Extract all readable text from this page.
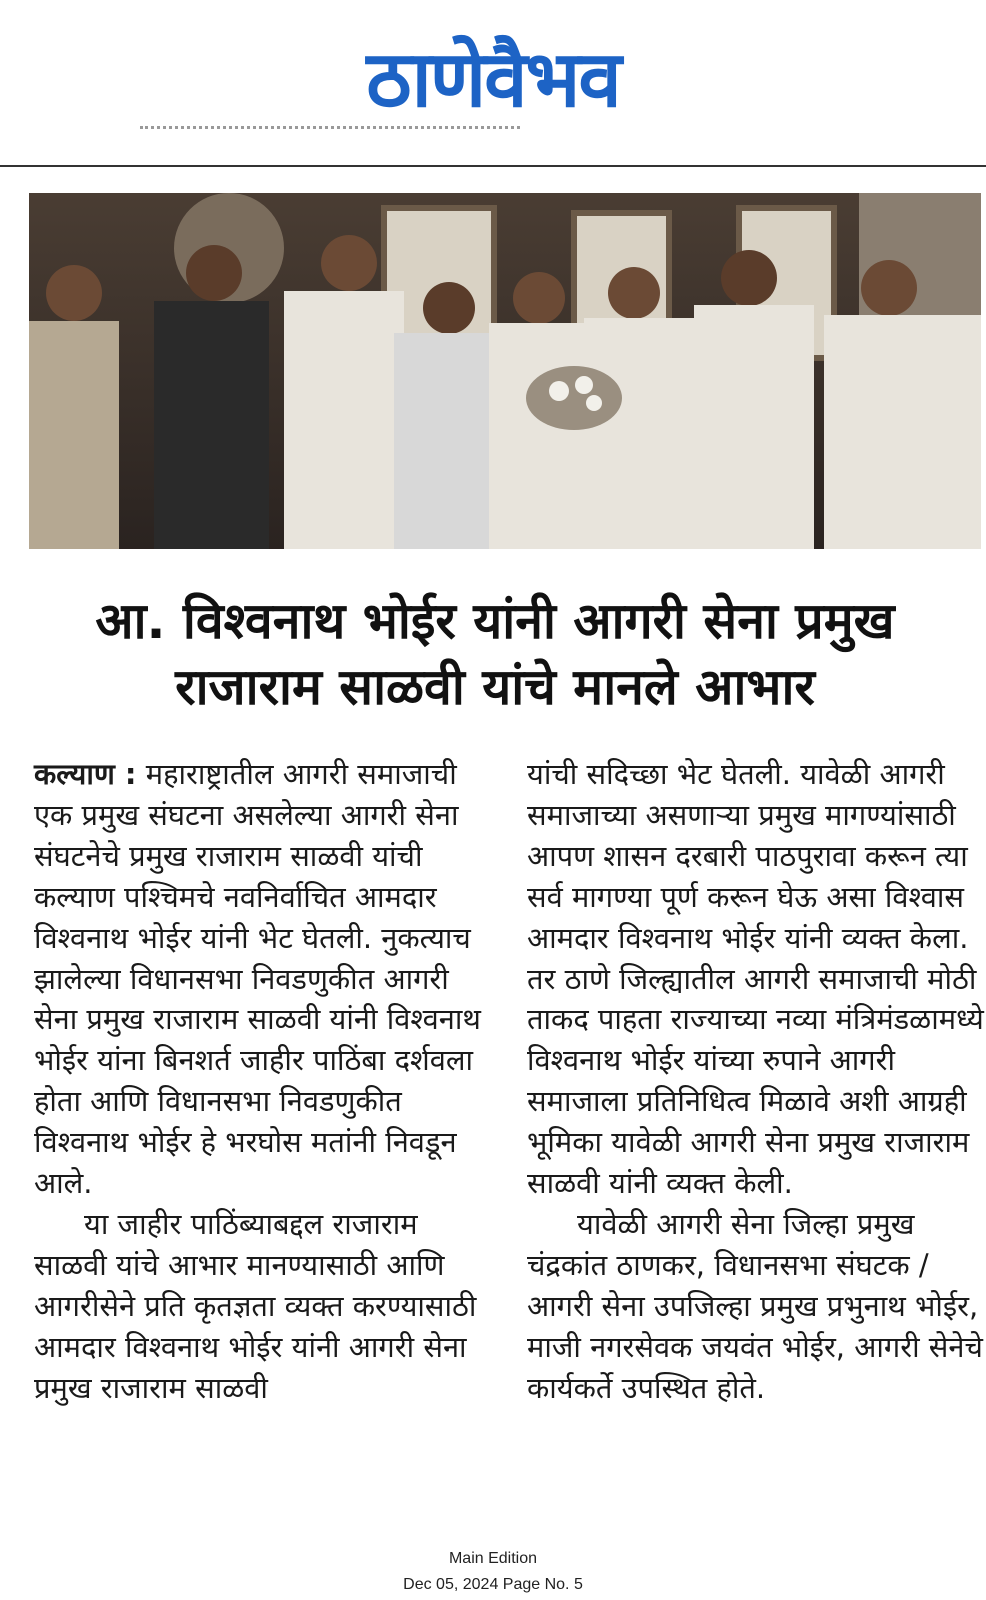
ठाणेवैभव
आ. विश्वनाथ भोईर यांनी आगरी सेना प्रमुख
राजाराम साळवी यांचे मानले आभार

कल्याण : महाराष्ट्रातील आगरी समाजाची एक प्रमुख संघटना असलेल्या आगरी सेना संघटनेचे प्रमुख राजाराम साळवी यांची कल्याण पश्चिमचे नवनिर्वाचित आमदार विश्वनाथ भोईर यांनी भेट घेतली. नुकत्याच झालेल्या विधानसभा निवडणुकीत आगरी सेना प्रमुख राजाराम साळवी यांनी विश्वनाथ भोईर यांना बिनशर्त जाहीर पाठिंबा दर्शवला होता आणि विधानसभा निवडणुकीत विश्वनाथ भोईर हे भरघोस मतांनी निवडून आले.

या जाहीर पाठिंब्याबद्दल राजाराम साळवी यांचे आभार मानण्यासाठी आणि आगरीसेने प्रति कृतज्ञता व्यक्त करण्यासाठी आमदार विश्वनाथ भोईर यांनी आगरी सेना प्रमुख राजाराम साळवी

यांची सदिच्छा भेट घेतली. यावेळी आगरी समाजाच्या असणाऱ्या प्रमुख मागण्यांसाठी आपण शासन दरबारी पाठपुरावा करून त्या सर्व मागण्या पूर्ण करून घेऊ असा विश्वास आमदार विश्वनाथ भोईर यांनी व्यक्त केला. तर ठाणे जिल्ह्यातील आगरी समाजाची मोठी ताकद पाहता राज्याच्या नव्या मंत्रिमंडळामध्ये विश्वनाथ भोईर यांच्या रुपाने आगरी समाजाला प्रतिनिधित्व मिळावे अशी आग्रही भूमिका यावेळी आगरी सेना प्रमुख राजाराम साळवी यांनी व्यक्त केली.

यावेळी आगरी सेना जिल्हा प्रमुख चंद्रकांत ठाणकर, विधानसभा संघटक / आगरी सेना उपजिल्हा प्रमुख प्रभुनाथ भोईर, माजी नगरसेवक जयवंत भोईर, आगरी सेनेचे कार्यकर्ते उपस्थित होते.

Main Edition
Dec 05, 2024 Page No. 5
